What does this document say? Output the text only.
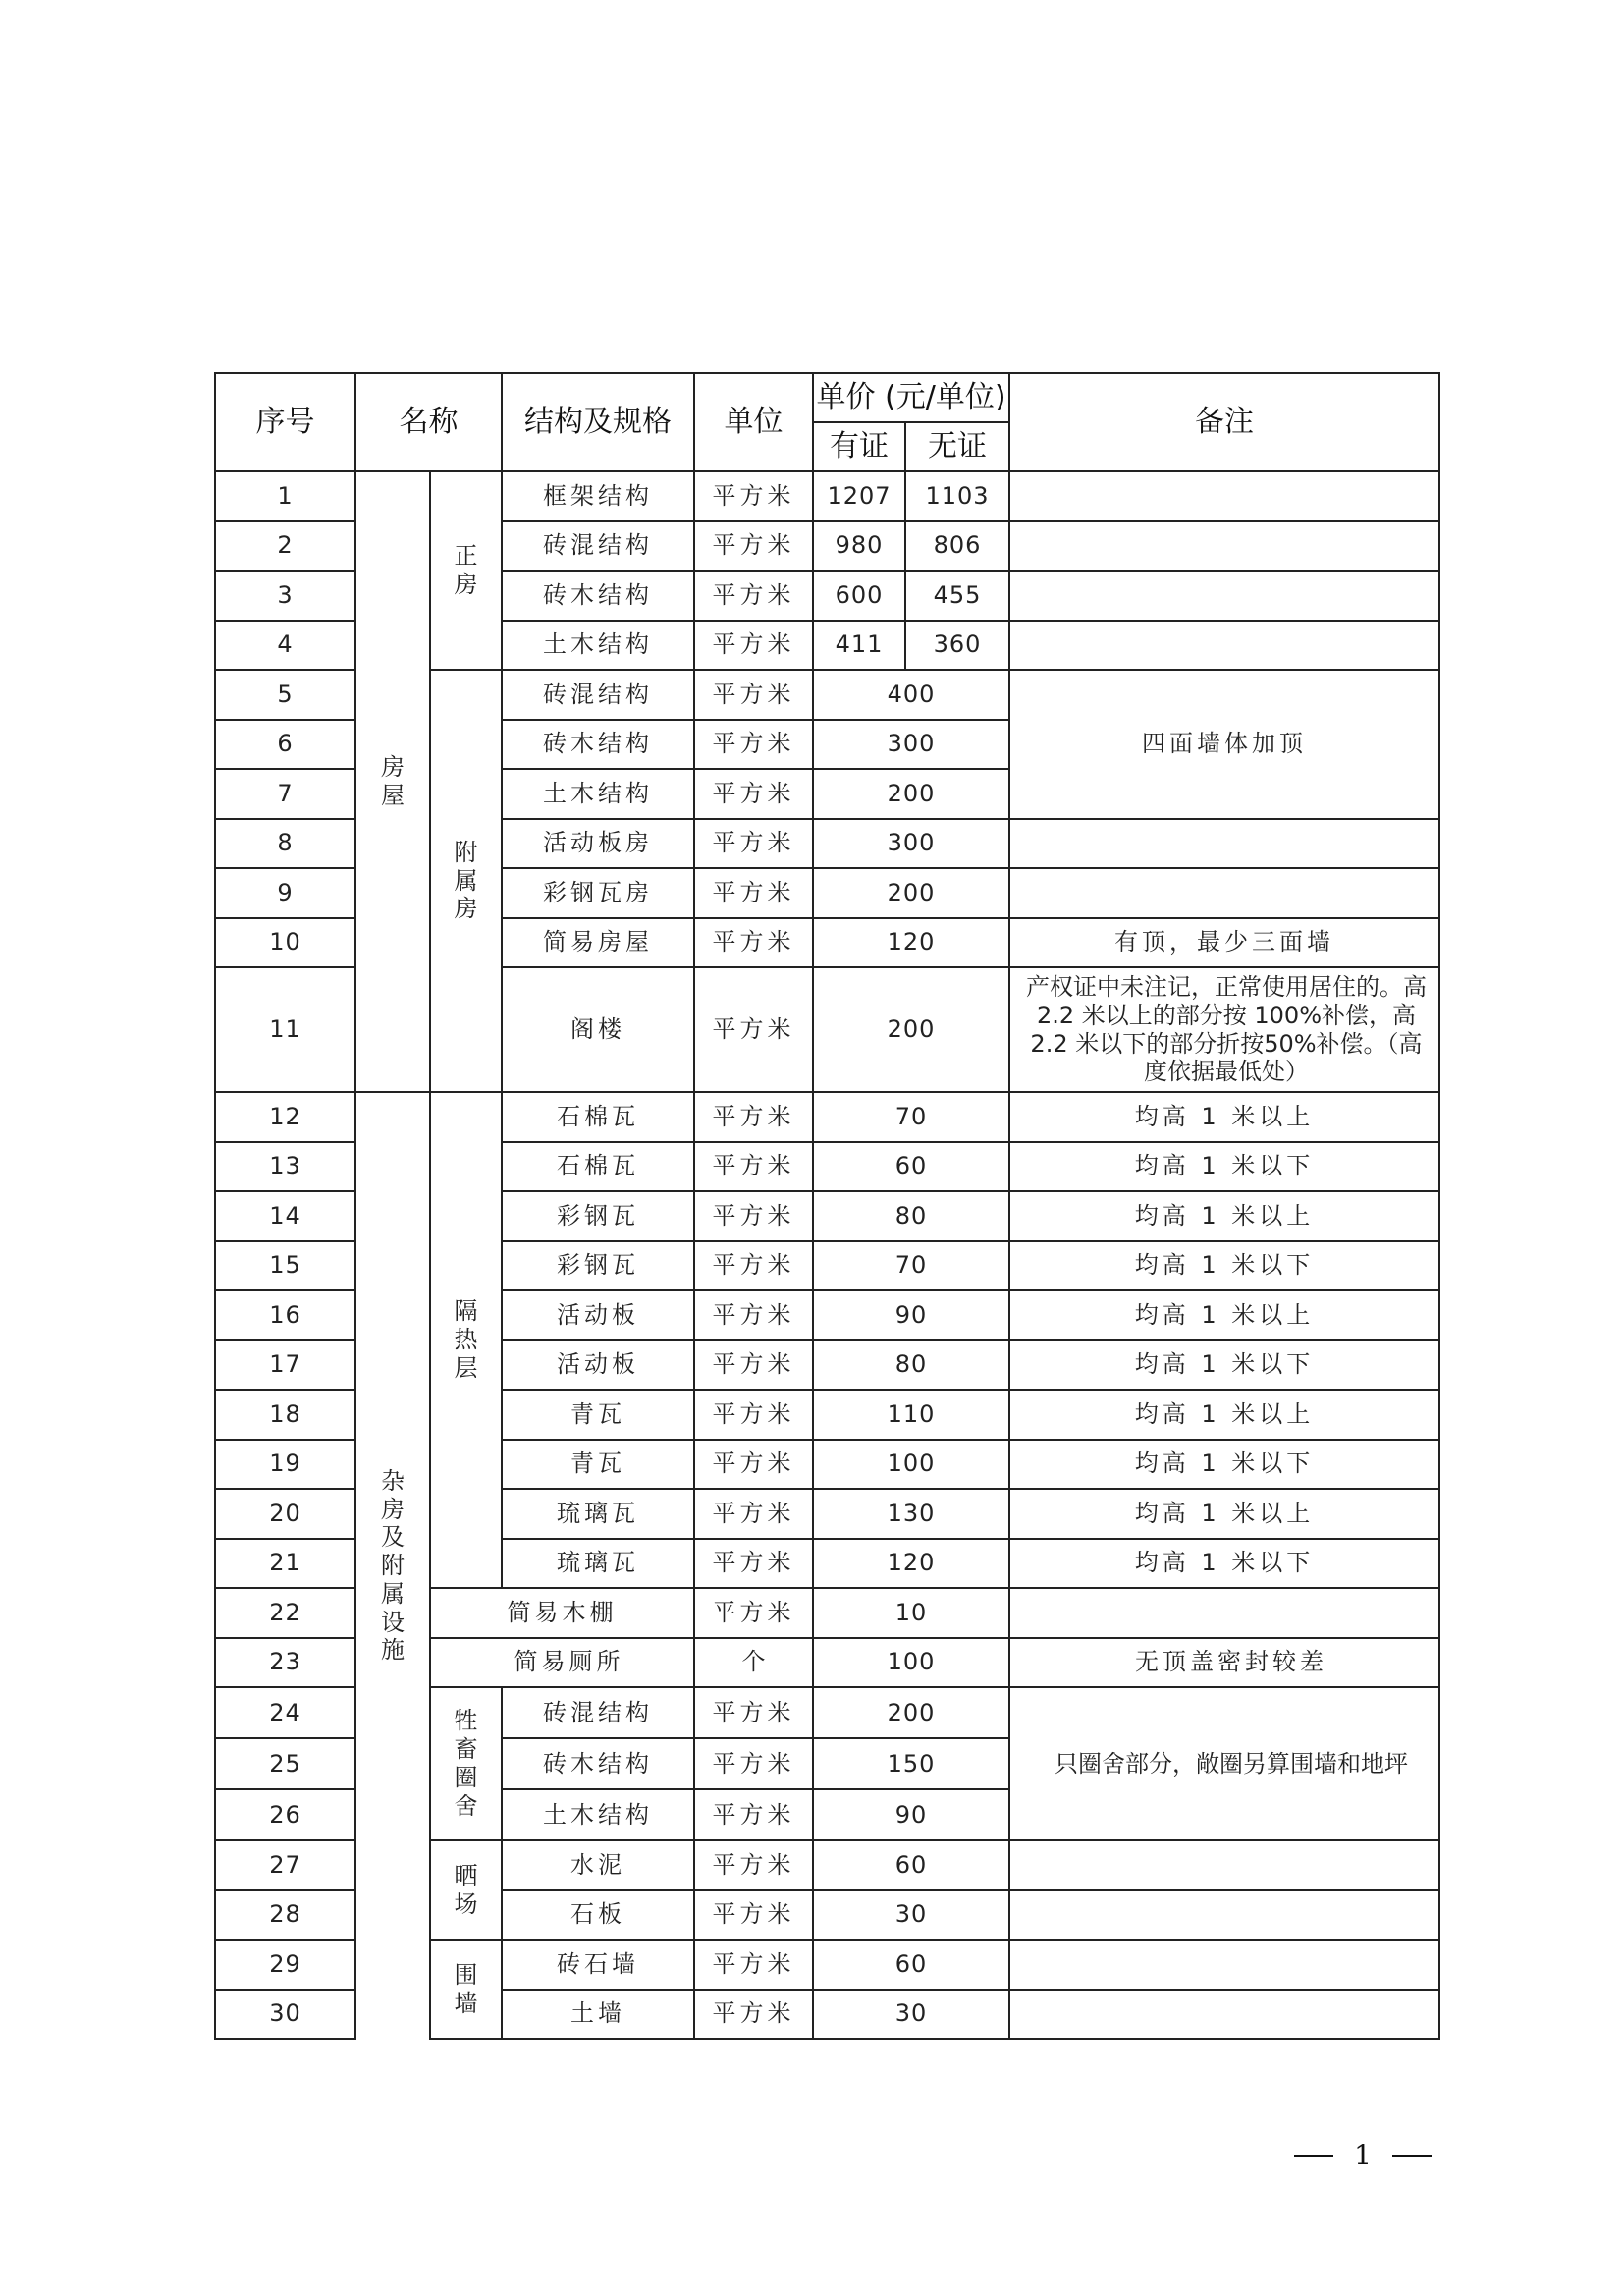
序号	名称		结构及规格	单位	单价 (元/单位)		备注
					有证	无证	
1	房屋	正房	框架结构	平方米	1207	1103	
2			砖混结构	平方米	980	806	
3			砖木结构	平方米	600	455	
4			土木结构	平方米	411	360	
5		附属房	砖混结构	平方米	400		四面墙体加顶
6			砖木结构	平方米	300		
7			土木结构	平方米	200		
8			活动板房	平方米	300		
9			彩钢瓦房	平方米	200		
10			简易房屋	平方米	120		有顶，最少三面墙
11			阁楼	平方米	200		产权证中未注记，正常使用居住的。高2.2 米以上的部分按 100%补偿，高2.2 米以下的部分折按50%补偿。（高度依据最低处）
12	杂房及附属设施	隔热层	石棉瓦	平方米	70		均高 1 米以上
13			石棉瓦	平方米	60		均高 1 米以下
14			彩钢瓦	平方米	80		均高 1 米以上
15			彩钢瓦	平方米	70		均高 1 米以下
16			活动板	平方米	90		均高 1 米以上
17			活动板	平方米	80		均高 1 米以下
18			青瓦	平方米	110		均高 1 米以上
19			青瓦	平方米	100		均高 1 米以下
20			琉璃瓦	平方米	130		均高 1 米以上
21			琉璃瓦	平方米	120		均高 1 米以下
22		简易木棚		平方米	10		
23		简易厕所		个	100		无顶盖密封较差
24		牲畜圈舍	砖混结构	平方米	200		只圈舍部分，敞圈另算围墙和地坪
25			砖木结构	平方米	150		
26			土木结构	平方米	90		
27		晒场	水泥	平方米	60		
28			石板	平方米	30		
29		围墙	砖石墙	平方米	60		
30			土墙	平方米	30		
1
